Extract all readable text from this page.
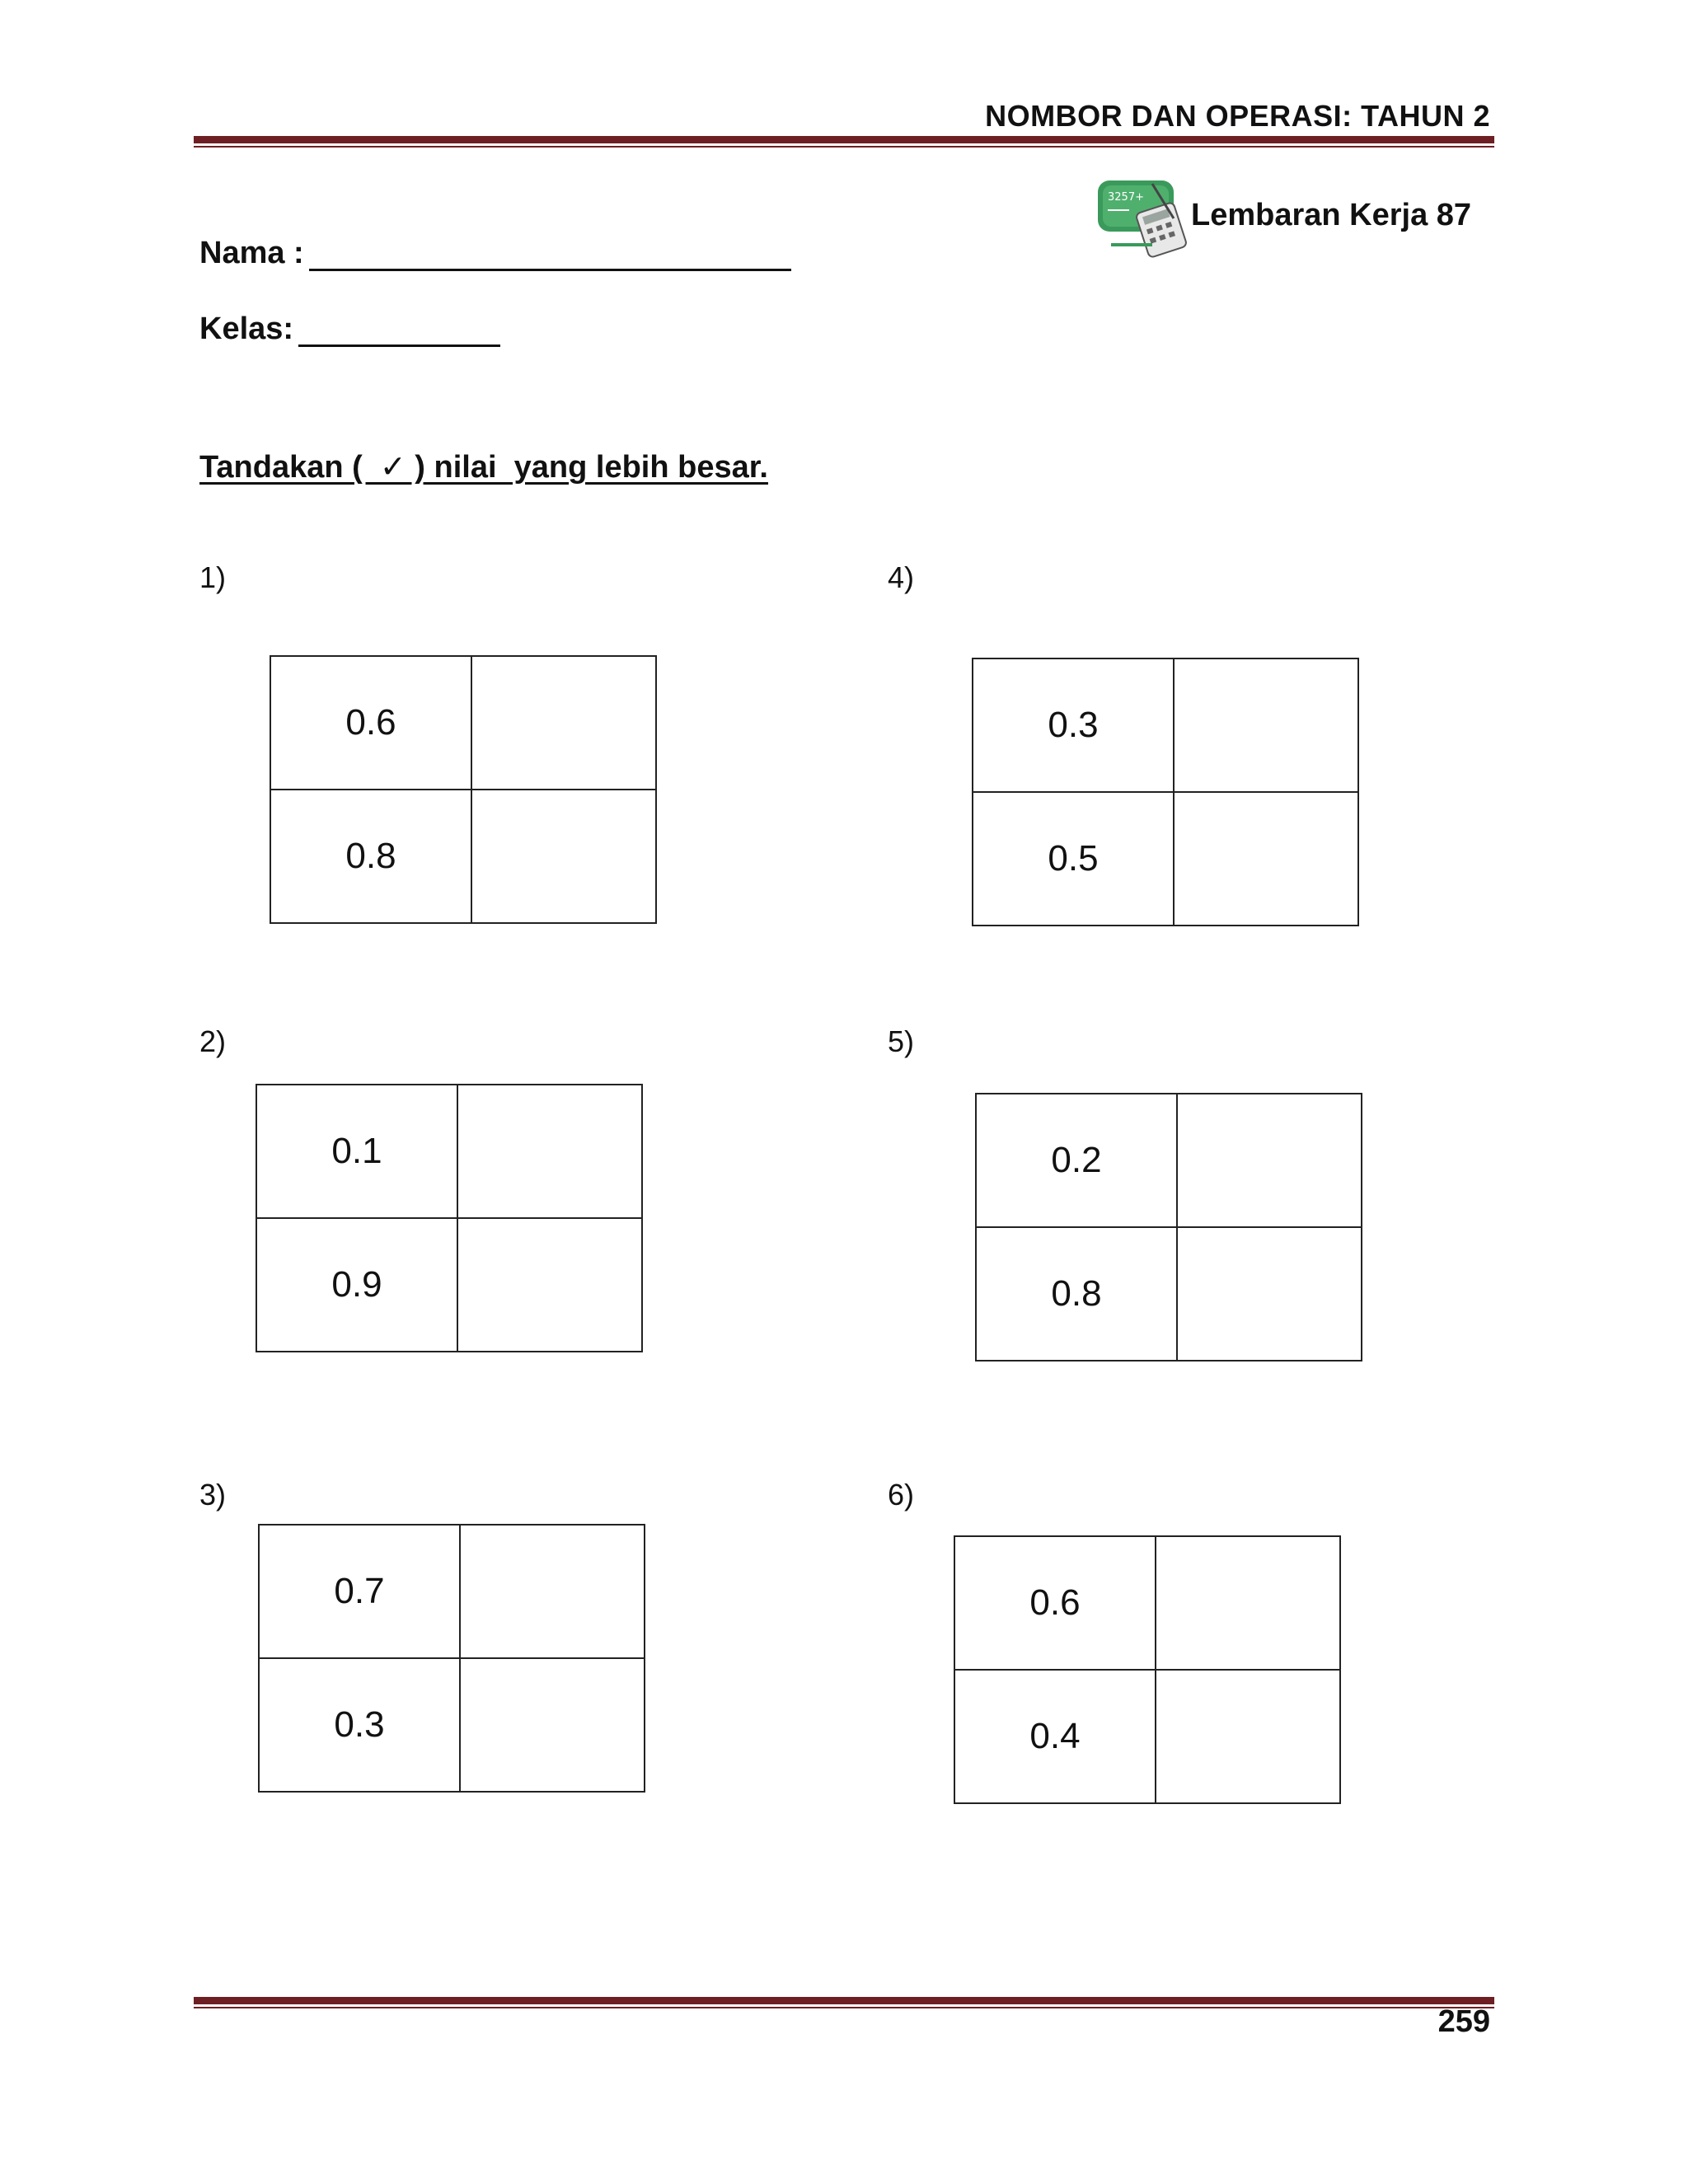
NOMBOR DAN OPERASI: TAHUN 2
3257+
Lembaran Kerja 87
Nama :
Kelas:
Tandakan (  ✓ ) nilai  yang lebih besar.
1)
0.6	
0.8	
2)
0.1	
0.9	
3)
0.7	
0.3	
4)
0.3	
0.5	
5)
0.2	
0.8	
6)
0.6	
0.4	
259
